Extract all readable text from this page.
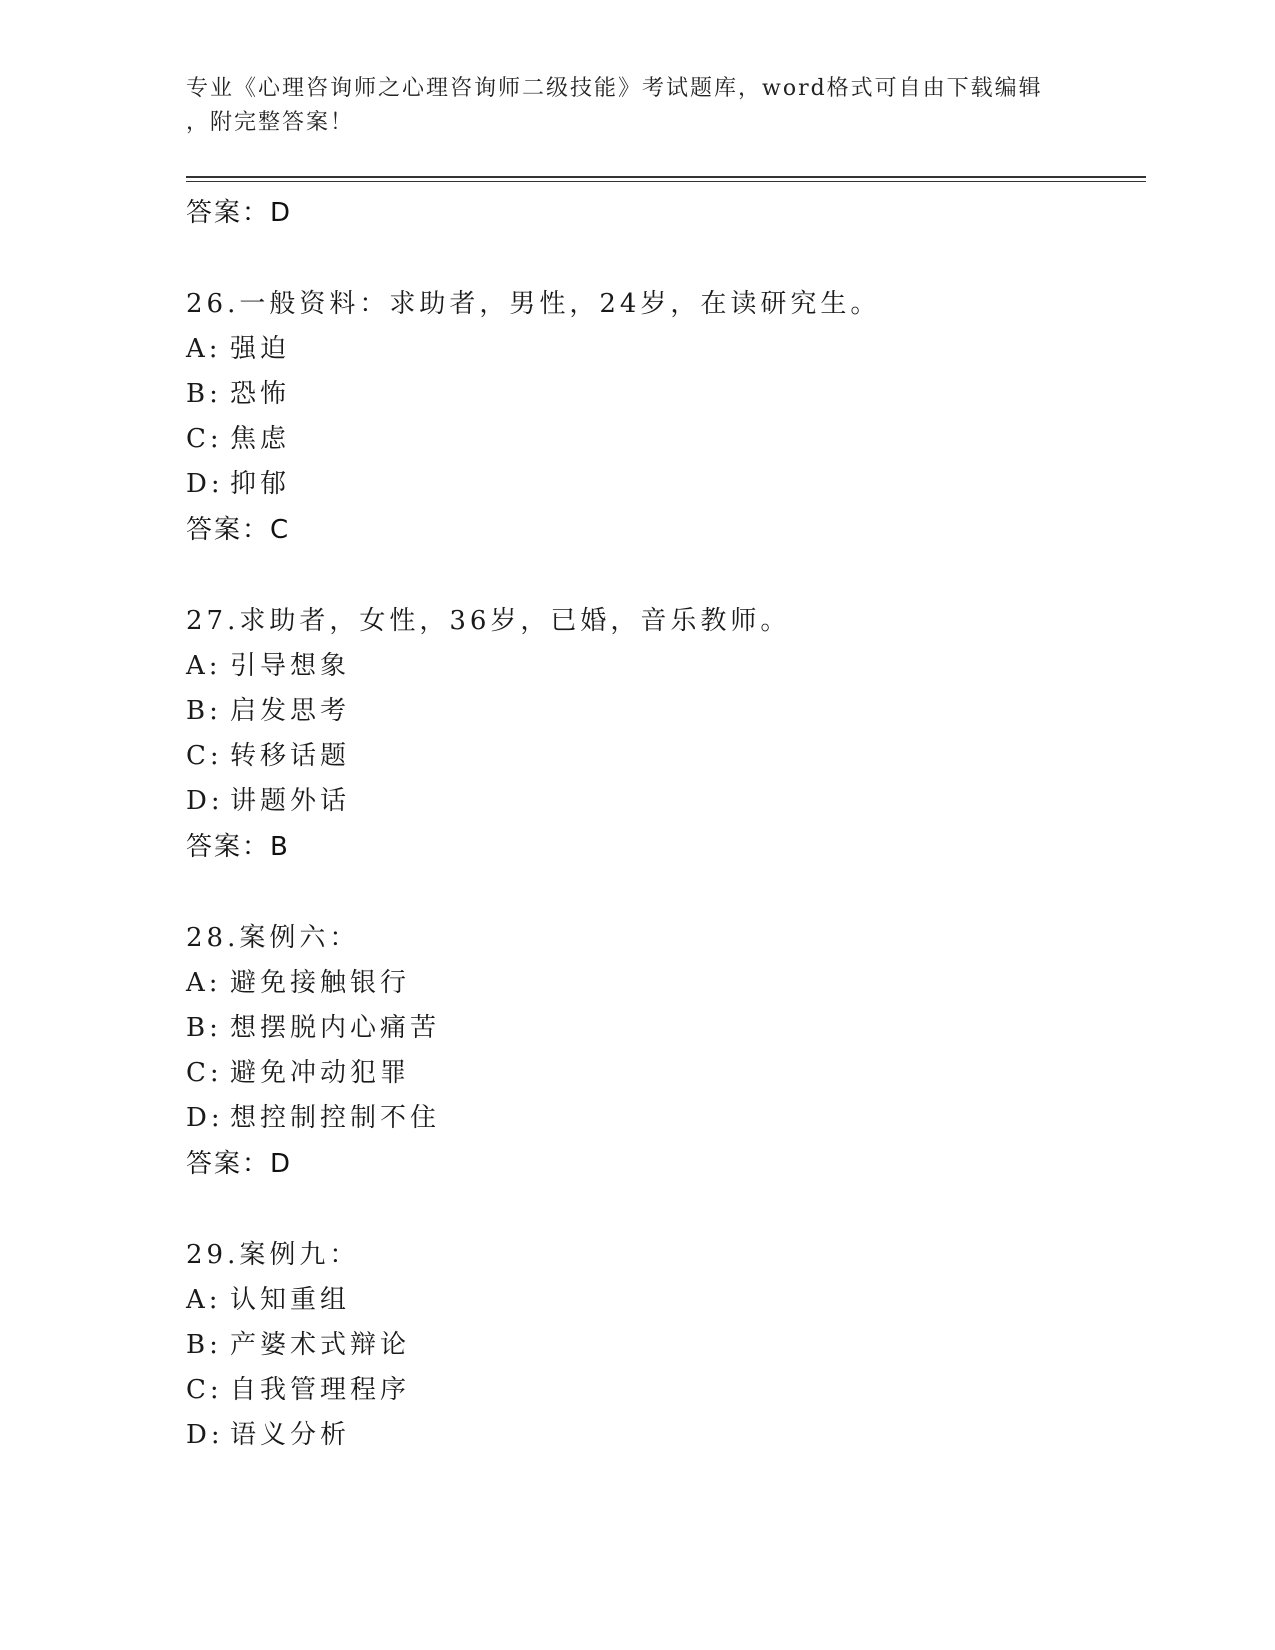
专业《心理咨询师之心理咨询师二级技能》考试题库，word格式可自由下载编辑

，附完整答案！

答案：D
26.一般资料：求助者，男性，24岁，在读研究生。
A: 强迫
B: 恐怖
C: 焦虑
D: 抑郁
答案：C
27.求助者，女性，36岁，已婚，音乐教师。
A: 引导想象
B: 启发思考
C: 转移话题
D: 讲题外话
答案：B
28.案例六：
A: 避免接触银行
B: 想摆脱内心痛苦
C: 避免冲动犯罪
D: 想控制控制不住
答案：D
29.案例九：
A: 认知重组
B: 产婆术式辩论
C: 自我管理程序
D: 语义分析
